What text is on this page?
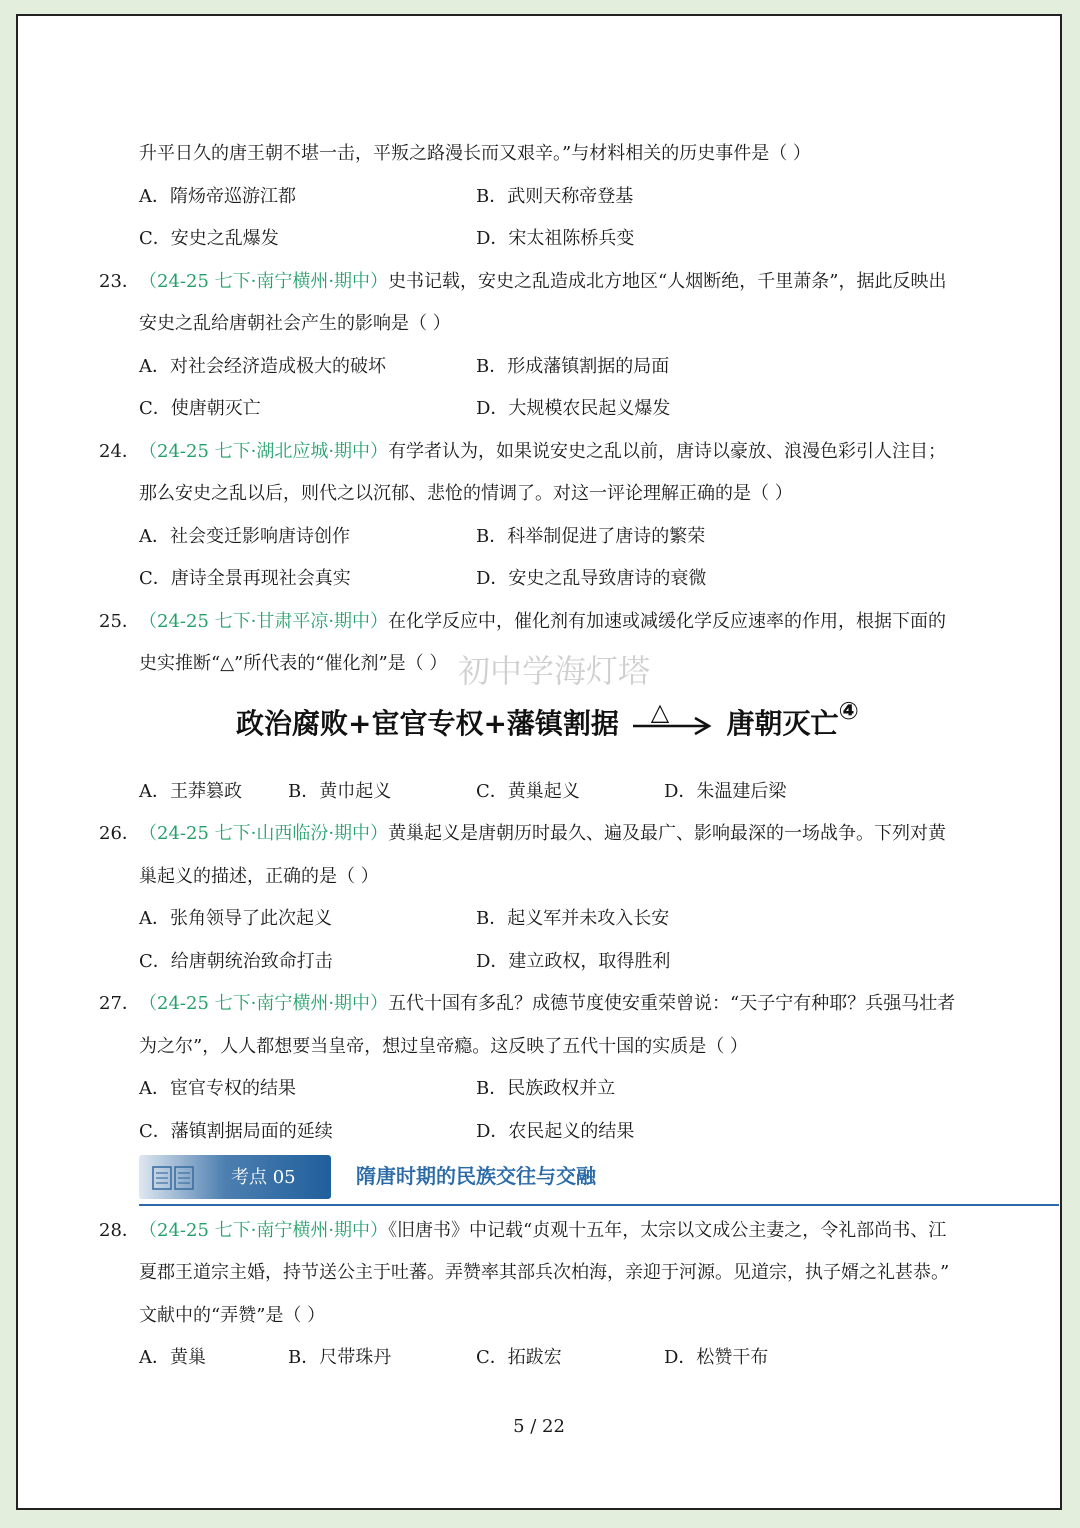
升平日久的唐王朝不堪一击，平叛之路漫长而又艰辛。”与材料相关的历史事件是（ ）
A．隋炀帝巡游江都	B．武则天称帝登基
C．安史之乱爆发	D．宋太祖陈桥兵变
23． （24-25 七下·南宁横州·期中）史书记载，安史之乱造成北方地区“人烟断绝，千里萧条”，据此反映出
安史之乱给唐朝社会产生的影响是（ ）
A．对社会经济造成极大的破坏	B．形成藩镇割据的局面
C．使唐朝灭亡	D．大规模农民起义爆发
24． （24-25 七下·湖北应城·期中）有学者认为，如果说安史之乱以前，唐诗以豪放、浪漫色彩引人注目；
那么安史之乱以后，则代之以沉郁、悲怆的情调了。对这一评论理解正确的是（ ）
A．社会变迁影响唐诗创作	B．科举制促进了唐诗的繁荣
C．唐诗全景再现社会真实	D．安史之乱导致唐诗的衰微
25． （24-25 七下·甘肃平凉·期中）在化学反应中，催化剂有加速或减缓化学反应速率的作用，根据下面的
史实推断“△”所代表的“催化剂”是（ ） 初中学海灯塔
政治腐败+宦官专权+藩镇割据 △ 唐朝灭亡④
A．王莽篡政	B．黄巾起义	C．黄巢起义	D．朱温建后梁
26． （24-25 七下·山西临汾·期中）黄巢起义是唐朝历时最久、遍及最广、影响最深的一场战争。下列对黄
巢起义的描述，正确的是（ ）
A．张角领导了此次起义	B．起义军并未攻入长安
C．给唐朝统治致命打击	D．建立政权，取得胜利
27． （24-25 七下·南宁横州·期中）五代十国有多乱？成德节度使安重荣曾说：“天子宁有种耶？兵强马壮者
为之尔”，人人都想要当皇帝，想过皇帝瘾。这反映了五代十国的实质是（ ）
A．宦官专权的结果	B．民族政权并立
C．藩镇割据局面的延续	D．农民起义的结果
考点 05	隋唐时期的民族交往与交融
28． （24-25 七下·南宁横州·期中）《旧唐书》中记载“贞观十五年，太宗以文成公主妻之，令礼部尚书、江
夏郡王道宗主婚，持节送公主于吐蕃。弄赞率其部兵次柏海，亲迎于河源。见道宗，执子婿之礼甚恭。”
文献中的“弄赞”是（ ）
A．黄巢	B．尺带珠丹	C．拓跋宏	D．松赞干布
5 / 22
